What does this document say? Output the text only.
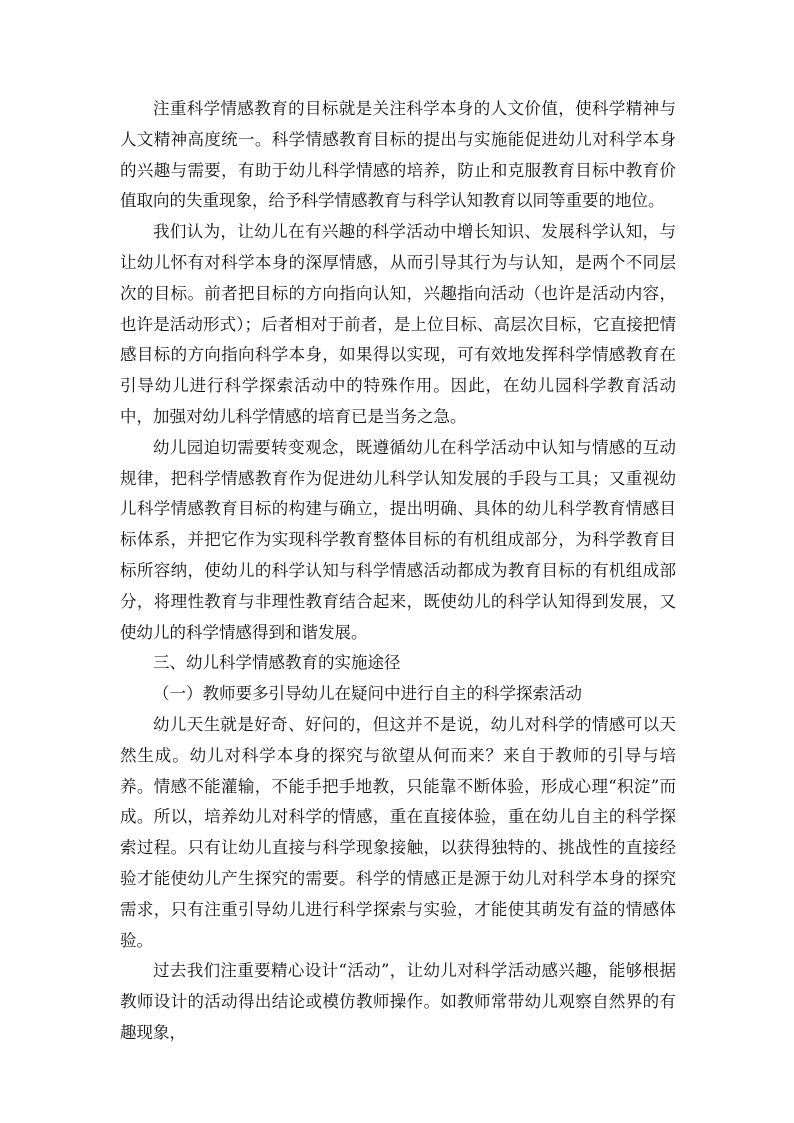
注重科学情感教育的目标就是关注科学本身的人文价值，使科学精神与人文精神高度统一。科学情感教育目标的提出与实施能促进幼儿对科学本身的兴趣与需要，有助于幼儿科学情感的培养，防止和克服教育目标中教育价值取向的失重现象，给予科学情感教育与科学认知教育以同等重要的地位。

我们认为，让幼儿在有兴趣的科学活动中增长知识、发展科学认知，与让幼儿怀有对科学本身的深厚情感，从而引导其行为与认知，是两个不同层次的目标。前者把目标的方向指向认知，兴趣指向活动（也许是活动内容，也许是活动形式）；后者相对于前者，是上位目标、高层次目标，它直接把情感目标的方向指向科学本身，如果得以实现，可有效地发挥科学情感教育在引导幼儿进行科学探索活动中的特殊作用。因此，在幼儿园科学教育活动中，加强对幼儿科学情感的培育已是当务之急。

幼儿园迫切需要转变观念，既遵循幼儿在科学活动中认知与情感的互动规律，把科学情感教育作为促进幼儿科学认知发展的手段与工具；又重视幼儿科学情感教育目标的构建与确立，提出明确、具体的幼儿科学教育情感目标体系，并把它作为实现科学教育整体目标的有机组成部分，为科学教育目标所容纳，使幼儿的科学认知与科学情感活动都成为教育目标的有机组成部分，将理性教育与非理性教育结合起来，既使幼儿的科学认知得到发展，又使幼儿的科学情感得到和谐发展。

三、幼儿科学情感教育的实施途径

（一）教师要多引导幼儿在疑问中进行自主的科学探索活动

幼儿天生就是好奇、好问的，但这并不是说，幼儿对科学的情感可以天然生成。幼儿对科学本身的探究与欲望从何而来？来自于教师的引导与培养。情感不能灌输，不能手把手地教，只能靠不断体验，形成心理“积淀”而成。所以，培养幼儿对科学的情感，重在直接体验，重在幼儿自主的科学探索过程。只有让幼儿直接与科学现象接触，以获得独特的、挑战性的直接经验才能使幼儿产生探究的需要。科学的情感正是源于幼儿对科学本身的探究需求，只有注重引导幼儿进行科学探索与实验，才能使其萌发有益的情感体验。

过去我们注重要精心设计“活动”，让幼儿对科学活动感兴趣，能够根据教师设计的活动得出结论或模仿教师操作。如教师常带幼儿观察自然界的有趣现象，
